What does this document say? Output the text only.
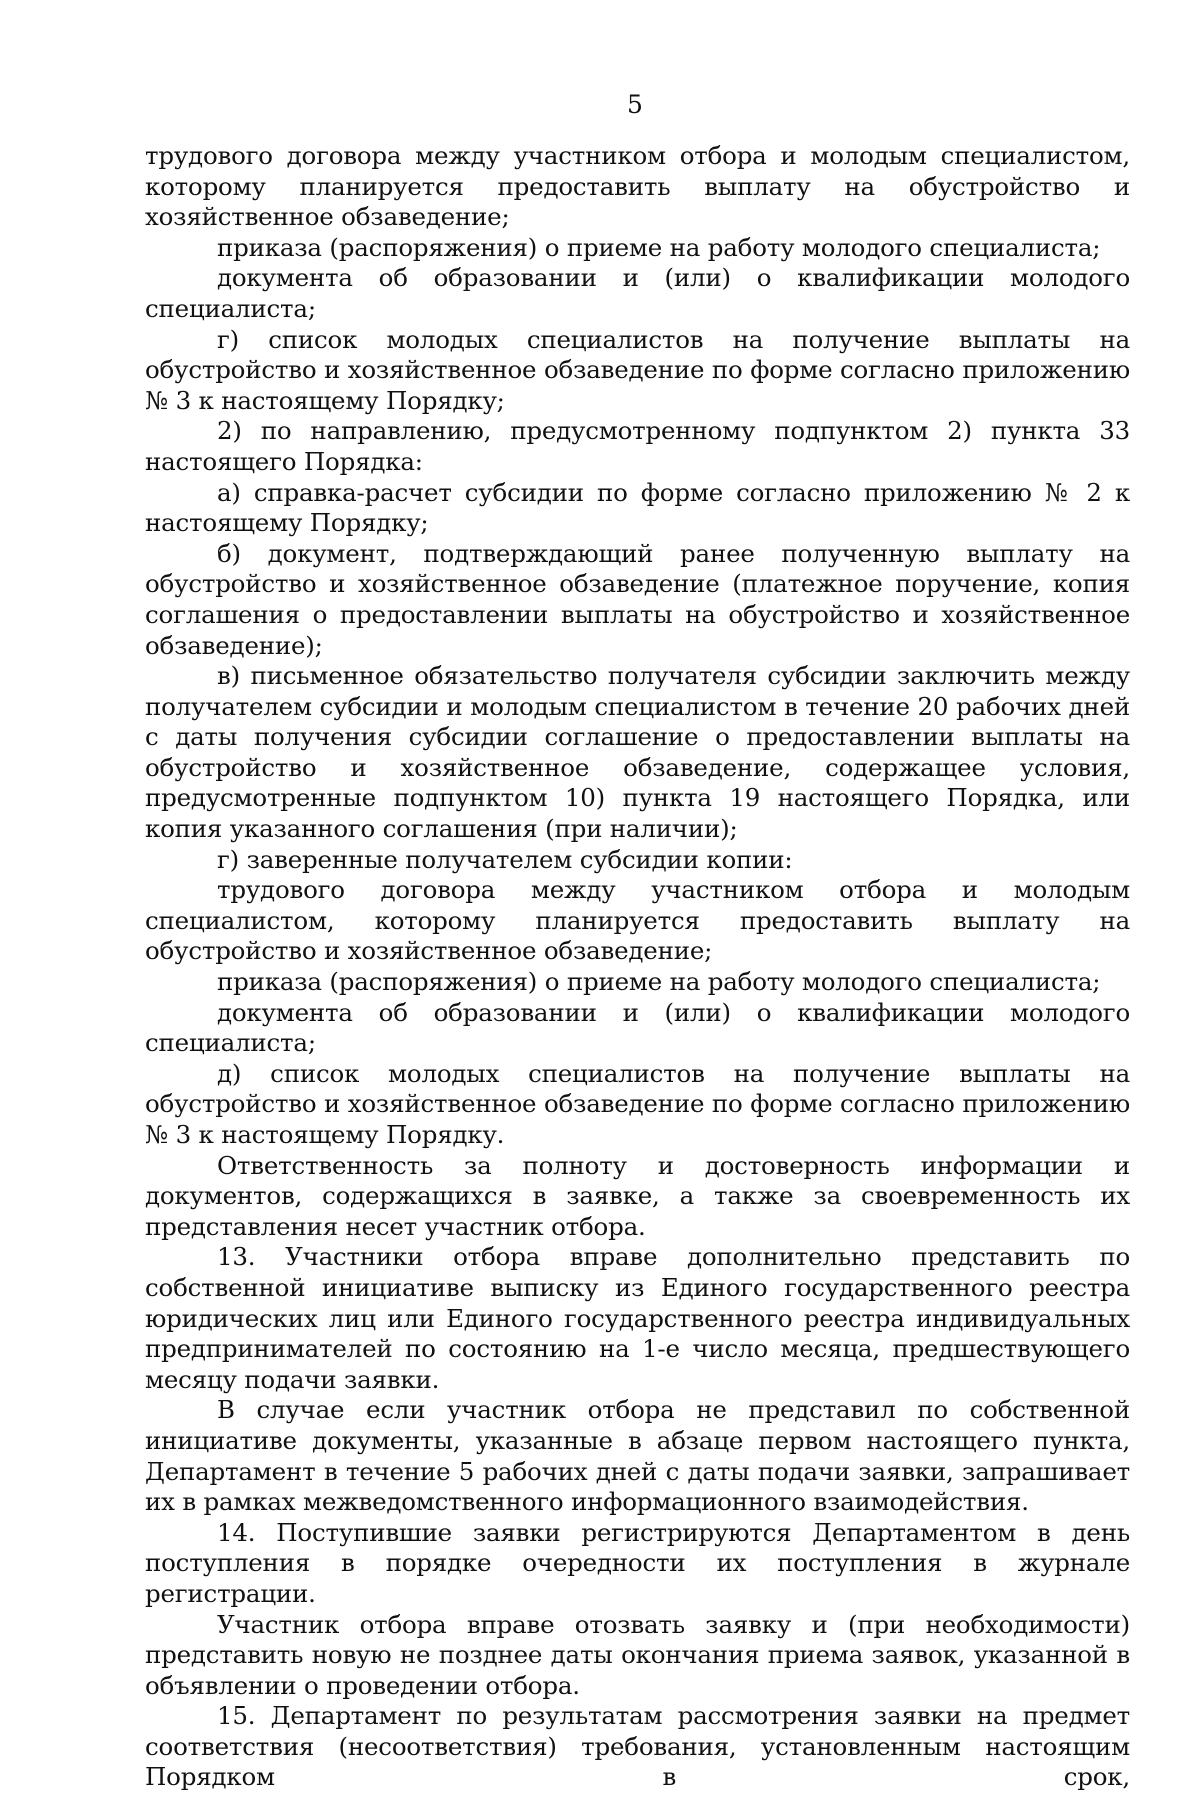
5

трудового договора между участником отбора и молодым специалистом, которому планируется предоставить выплату на обустройство и хозяйственное обзаведение;

приказа (распоряжения) о приеме на работу молодого специалиста;

документа об образовании и (или) о квалификации молодого специалиста;

г) список молодых специалистов на получение выплаты на обустройство и хозяйственное обзаведение по форме согласно приложению № 3 к настоящему Порядку;

2) по направлению, предусмотренному подпунктом 2) пункта 33 настоящего Порядка:

а) справка-расчет субсидии по форме согласно приложению № 2 к настоящему Порядку;

б) документ, подтверждающий ранее полученную выплату на обустройство и хозяйственное обзаведение (платежное поручение, копия соглашения о предоставлении выплаты на обустройство и хозяйственное обзаведение);

в) письменное обязательство получателя субсидии заключить между получателем субсидии и молодым специалистом в течение 20 рабочих дней с даты получения субсидии соглашение о предоставлении выплаты на обустройство и хозяйственное обзаведение, содержащее условия, предусмотренные подпунктом 10) пункта 19 настоящего Порядка, или копия указанного соглашения (при наличии);

г) заверенные получателем субсидии копии:

трудового договора между участником отбора и молодым специалистом, которому планируется предоставить выплату на обустройство и хозяйственное обзаведение;

приказа (распоряжения) о приеме на работу молодого специалиста;

документа об образовании и (или) о квалификации молодого специалиста;

д) список молодых специалистов на получение выплаты на обустройство и хозяйственное обзаведение по форме согласно приложению № 3 к настоящему Порядку.

Ответственность за полноту и достоверность информации и документов, содержащихся в заявке, а также за своевременность их представления несет участник отбора.

13. Участники отбора вправе дополнительно представить по собственной инициативе выписку из Единого государственного реестра юридических лиц или Единого государственного реестра индивидуальных предпринимателей по состоянию на 1-е число месяца, предшествующего месяцу подачи заявки.

В случае если участник отбора не представил по собственной инициативе документы, указанные в абзаце первом настоящего пункта, Департамент в течение 5 рабочих дней с даты подачи заявки, запрашивает их в рамках межведомственного информационного взаимодействия.

14. Поступившие заявки регистрируются Департаментом в день поступления в порядке очередности их поступления в журнале регистрации.

Участник отбора вправе отозвать заявку и (при необходимости) представить новую не позднее даты окончания приема заявок, указанной в объявлении о проведении отбора.

15. Департамент по результатам рассмотрения заявки на предмет соответствия (несоответствия) требования, установленным настоящим Порядком в срок,
